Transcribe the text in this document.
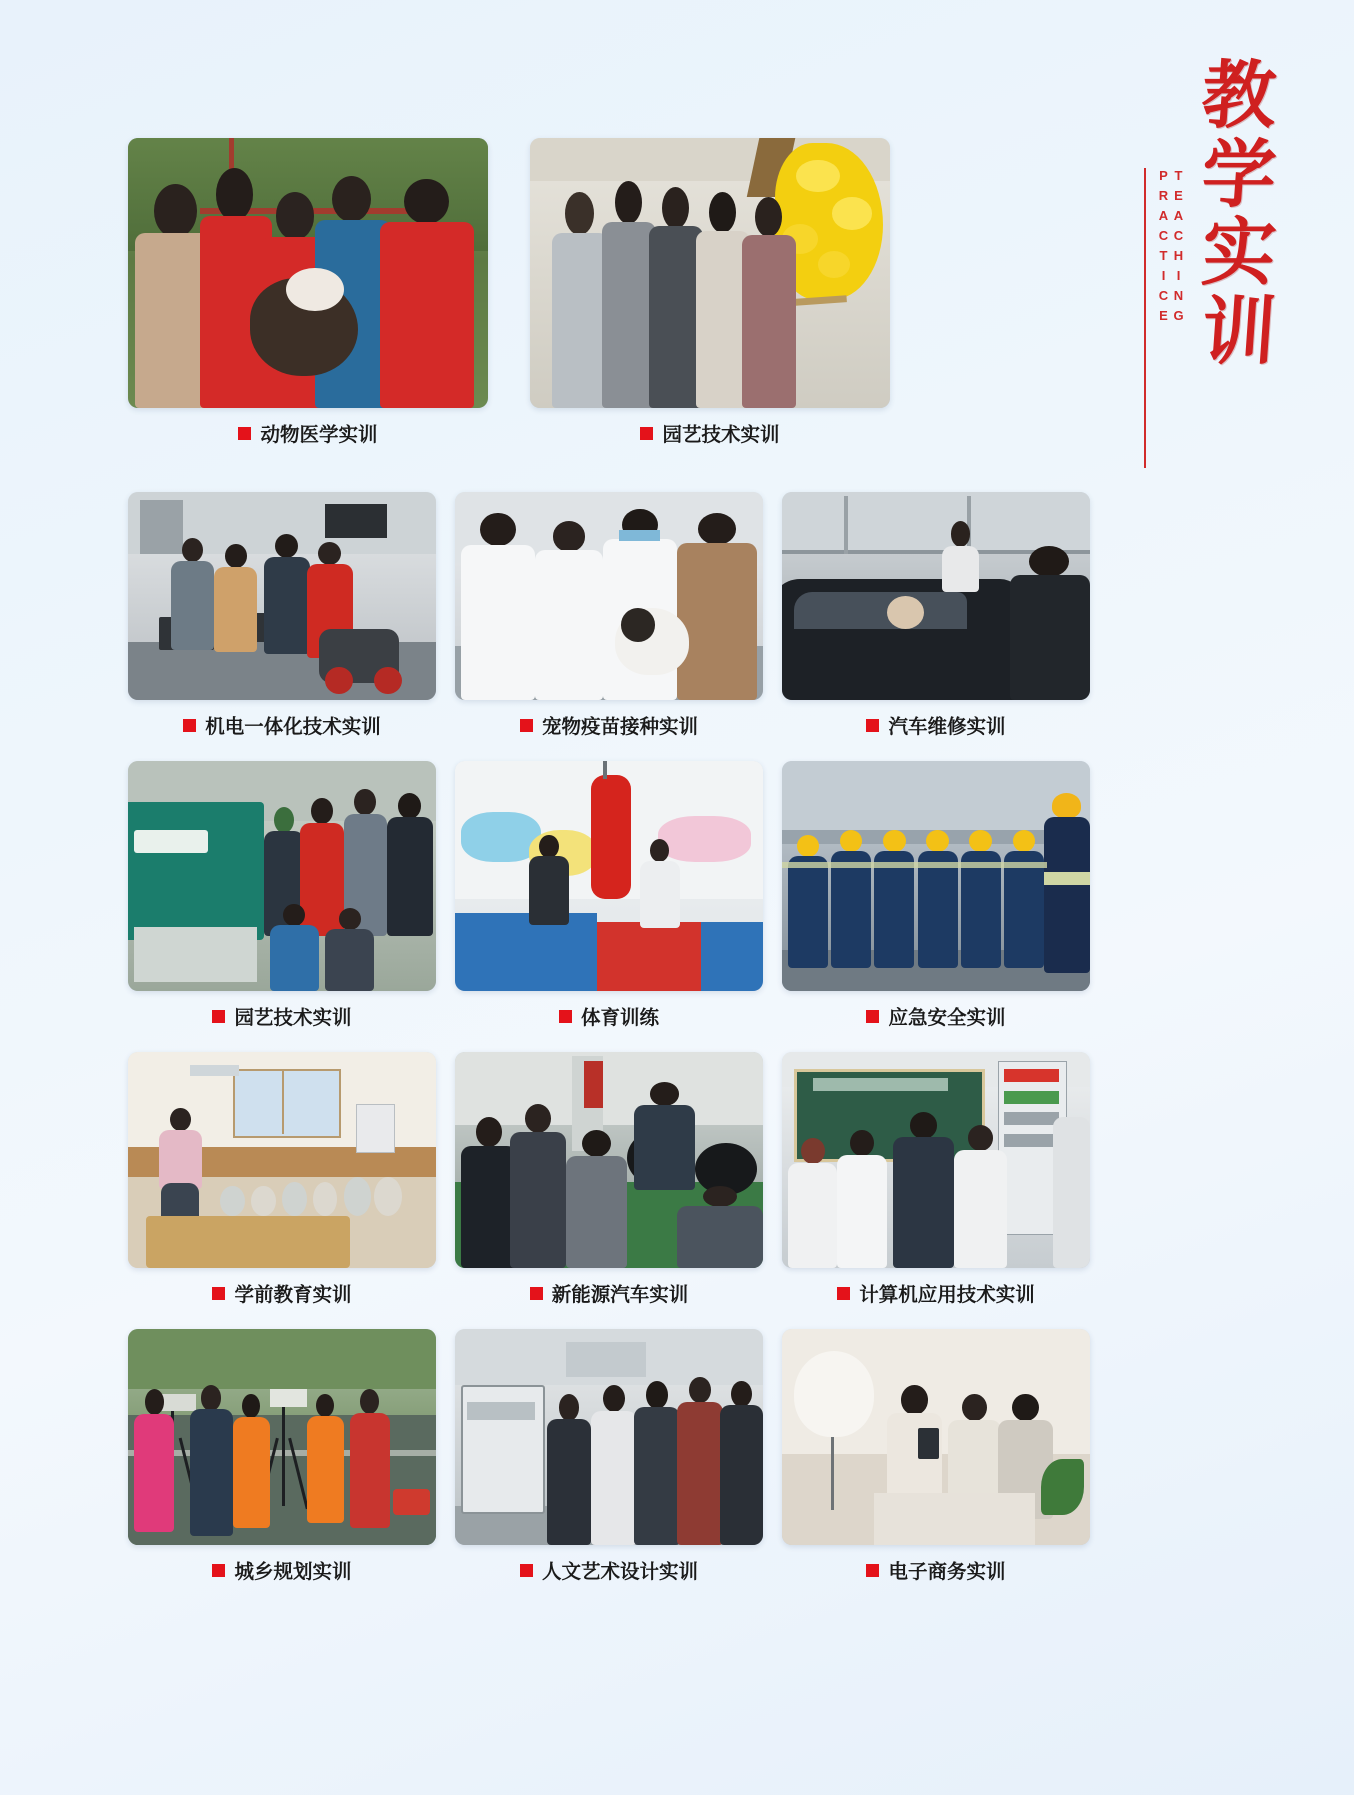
教
学
实
训
TEACHING PRACTICE
动物医学实训	园艺技术实训
机电一体化技术实训	宠物疫苗接种实训	汽车维修实训
园艺技术实训	体育训练	应急安全实训
学前教育实训	新能源汽车实训	计算机应用技术实训
城乡规划实训	人文艺术设计实训	电子商务实训
